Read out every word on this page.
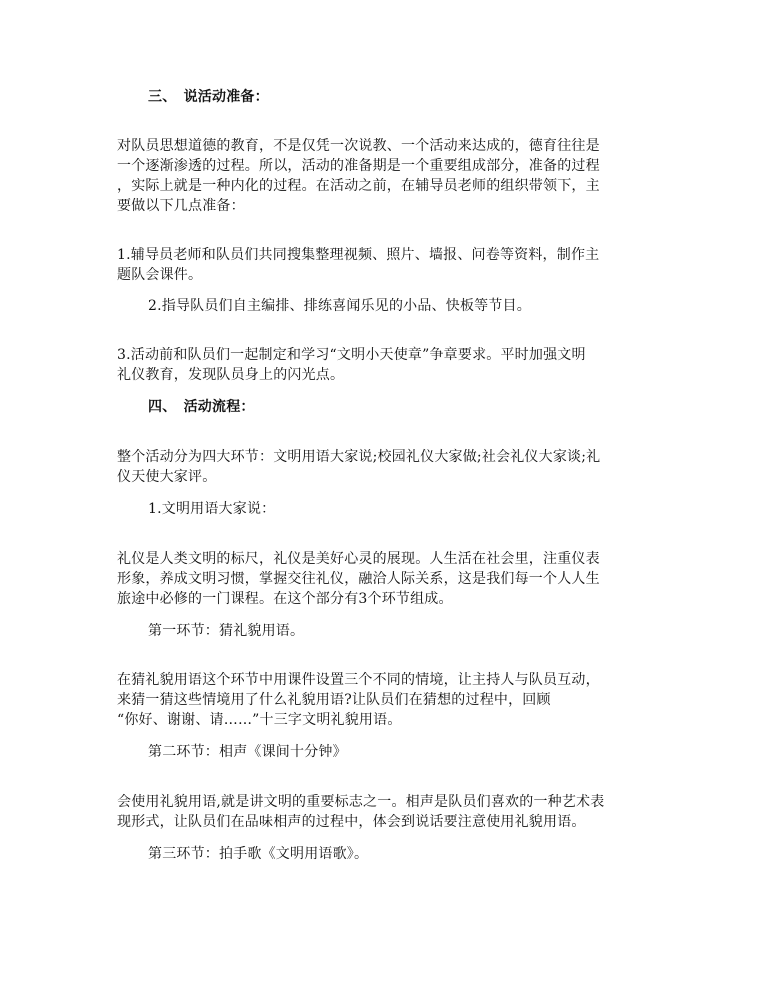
三、　说活动准备：
对队员思想道德的教育，不是仅凭一次说教、一个活动来达成的，德育往往是
一个逐渐渗透的过程。所以，活动的准备期是一个重要组成部分，准备的过程
，实际上就是一种内化的过程。在活动之前，在辅导员老师的组织带领下，主
要做以下几点准备：
1.辅导员老师和队员们共同搜集整理视频、照片、墙报、问卷等资料，制作主
题队会课件。
2.指导队员们自主编排、排练喜闻乐见的小品、快板等节目。
3.活动前和队员们一起制定和学习“文明小天使章”争章要求。平时加强文明
礼仪教育，发现队员身上的闪光点。
四、　活动流程：
整个活动分为四大环节：文明用语大家说;校园礼仪大家做;社会礼仪大家谈;礼
仪天使大家评。
1.文明用语大家说：
礼仪是人类文明的标尺，礼仪是美好心灵的展现。人生活在社会里，注重仪表
形象，养成文明习惯，掌握交往礼仪，融洽人际关系，这是我们每一个人人生
旅途中必修的一门课程。在这个部分有3个环节组成。
第一环节：猜礼貌用语。
在猜礼貌用语这个环节中用课件设置三个不同的情境，让主持人与队员互动，
来猜一猜这些情境用了什么礼貌用语?让队员们在猜想的过程中，回顾
“你好、谢谢、请……”十三字文明礼貌用语。
第二环节：相声《课间十分钟》
会使用礼貌用语,就是讲文明的重要标志之一。相声是队员们喜欢的一种艺术表
现形式，让队员们在品味相声的过程中，体会到说话要注意使用礼貌用语。
第三环节：拍手歌《文明用语歌》。
